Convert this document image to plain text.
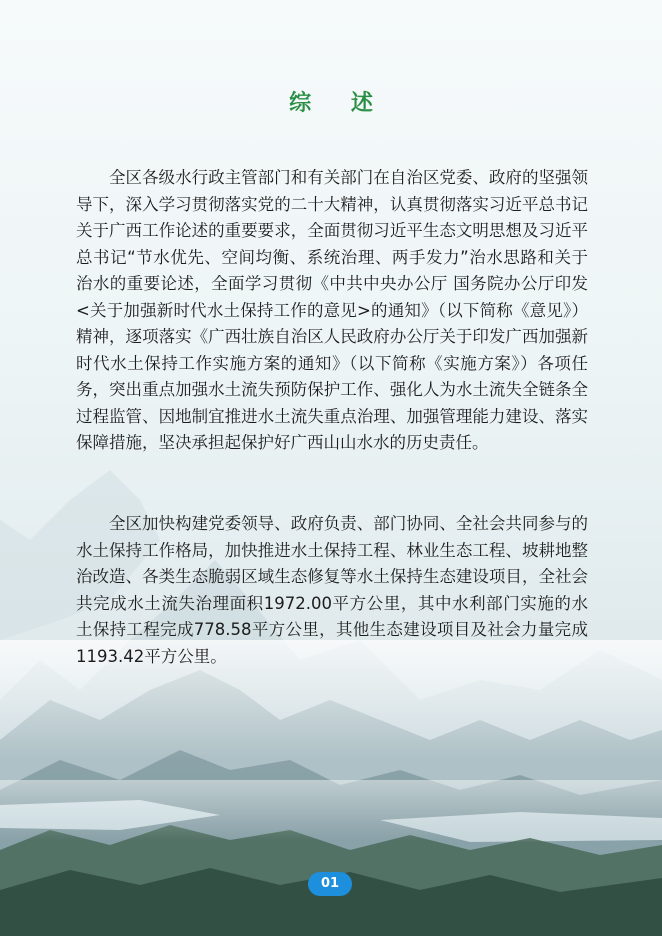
综 述

全区各级水行政主管部门和有关部门在自治区党委、政府的坚强领导下，深入学习贯彻落实党的二十大精神，认真贯彻落实习近平总书记关于广西工作论述的重要要求，全面贯彻习近平生态文明思想及习近平总书记“节水优先、空间均衡、系统治理、两手发力”治水思路和关于治水的重要论述，全面学习贯彻《中共中央办公厅 国务院办公厅印发<关于加强新时代水土保持工作的意见>的通知》（以下简称《意见》）精神，逐项落实《广西壮族自治区人民政府办公厅关于印发广西加强新时代水土保持工作实施方案的通知》（以下简称《实施方案》）各项任务，突出重点加强水土流失预防保护工作、强化人为水土流失全链条全过程监管、因地制宜推进水土流失重点治理、加强管理能力建设、落实保障措施，坚决承担起保护好广西山山水水的历史责任。

全区加快构建党委领导、政府负责、部门协同、全社会共同参与的水土保持工作格局，加快推进水土保持工程、林业生态工程、坡耕地整治改造、各类生态脆弱区域生态修复等水土保持生态建设项目，全社会共完成水土流失治理面积1972.00平方公里，其中水利部门实施的水土保持工程完成778.58平方公里，其他生态建设项目及社会力量完成1193.42平方公里。

01
